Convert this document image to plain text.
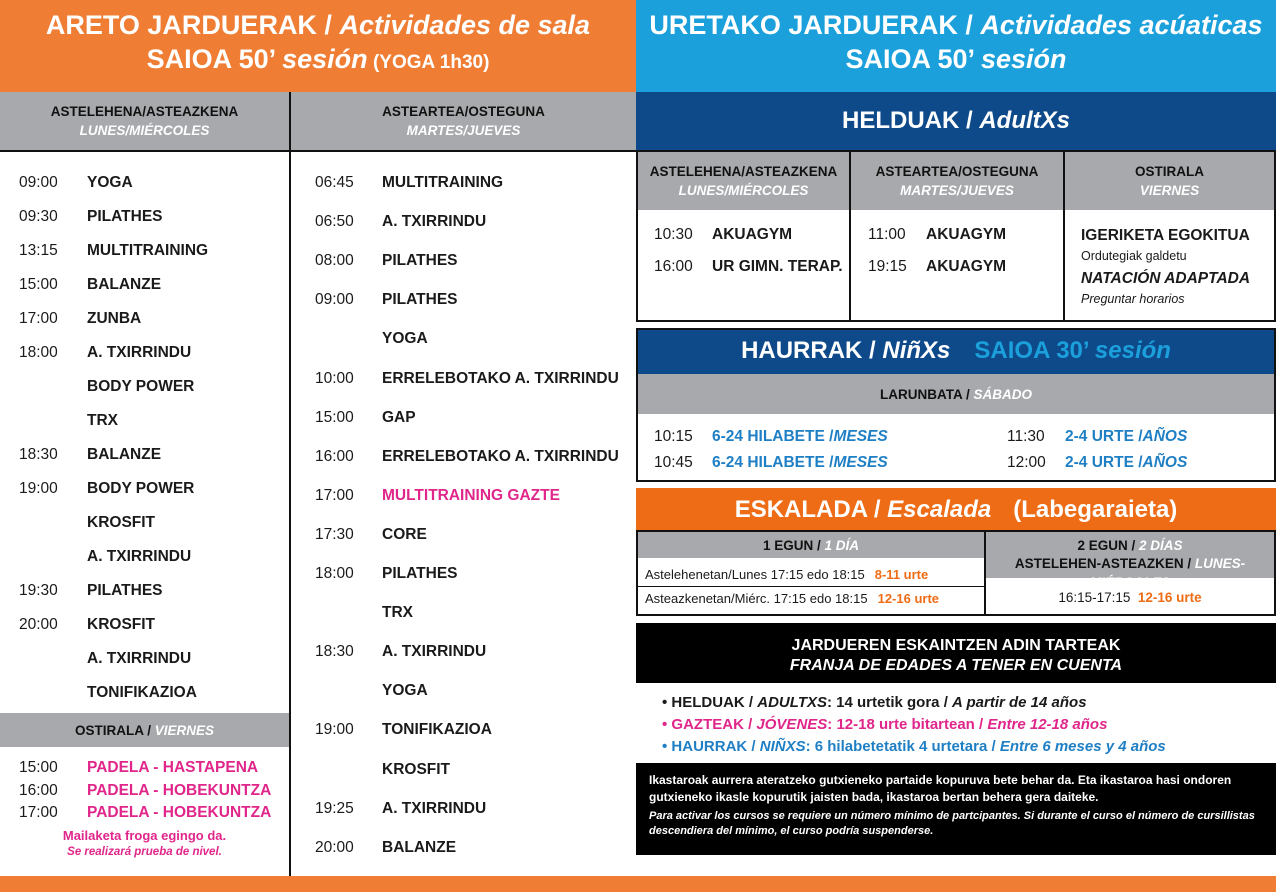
ARETO JARDUERAK / Actividades de sala
SAIOA 50’ sesión (YOGA 1h30)
URETAKO JARDUERAK / Actividades acúaticas
SAIOA 50’ sesión
ASTELEHENA/ASTEAZKENA
LUNES/MIÉRCOLES
ASTEARTEA/OSTEGUNA
MARTES/JUEVES
09:00 YOGA
09:30 PILATHES
13:15 MULTITRAINING
15:00 BALANZE
17:00 ZUNBA
18:00 A. TXIRRINDU
BODY POWER
TRX
18:30 BALANZE
19:00 BODY POWER
KROSFIT
A. TXIRRINDU
19:30 PILATHES
20:00 KROSFIT
A. TXIRRINDU
TONIFIKAZIOA
OSTIRALA / VIERNES
15:00 PADELA - HASTAPENA
16:00 PADELA - HOBEKUNTZA
17:00 PADELA - HOBEKUNTZA
Mailaketa froga egingo da.
Se realizará prueba de nivel.
06:45 MULTITRAINING
06:50 A. TXIRRINDU
08:00 PILATHES
09:00 PILATHES
YOGA
10:00 ERRELEBOTAKO A. TXIRRINDU
15:00 GAP
16:00 ERRELEBOTAKO A. TXIRRINDU
17:00 MULTITRAINING GAZTE
17:30 CORE
18:00 PILATHES
TRX
18:30 A. TXIRRINDU
YOGA
19:00 TONIFIKAZIOA
KROSFIT
19:25 A. TXIRRINDU
20:00 BALANZE
HELDUAK / AdultXs
ASTELEHENA/ASTEAZKENA
LUNES/MIÉRCOLES
ASTEARTEA/OSTEGUNA
MARTES/JUEVES
OSTIRALA
VIERNES
10:30 AKUAGYM
16:00 UR GIMN. TERAP.
11:00 AKUAGYM
19:15 AKUAGYM
IGERIKETA EGOKITUA
Ordutegiak galdetu
NATACIÓN ADAPTADA
Preguntar horarios
HAURRAK / NiñXs SAIOA 30’ sesión
LARUNBATA / SÁBADO
10:15 6-24 HILABETE / MESES
10:45 6-24 HILABETE / MESES
11:30 2-4 URTE / AÑOS
12:00 2-4 URTE / AÑOS
ESKALADA / Escalada (Labegaraieta)
1 EGUN / 1 DÍA
Astelehenetan/Lunes 17:15 edo 18:15 8-11 urte
Asteazkenetan/Miérc. 17:15 edo 18:15 12-16 urte
2 EGUN / 2 DÍAS
ASTELEHEN-ASTEAZKEN / LUNES-MIÉRCOLES
16:15-17:15 12-16 urte
JARDUEREN ESKAINTZEN ADIN TARTEAK
FRANJA DE EDADES A TENER EN CUENTA
• HELDUAK / ADULTXS: 14 urtetik gora / A partir de 14 años
• GAZTEAK / JÓVENES: 12-18 urte bitartean / Entre 12-18 años
• HAURRAK / NIÑXS: 6 hilabetetatik 4 urtetara / Entre 6 meses y 4 años
Ikastaroak aurrera ateratzeko gutxieneko partaide kopuruva bete behar da. Eta ikastaroa hasi ondoren gutxieneko ikasle kopurutik jaisten bada, ikastaroa bertan behera gera daiteke.
Para activar los cursos se requiere un número mínimo de partcipantes. Si durante el curso el número de cursillistas descendiera del mínimo, el curso podría suspenderse.
